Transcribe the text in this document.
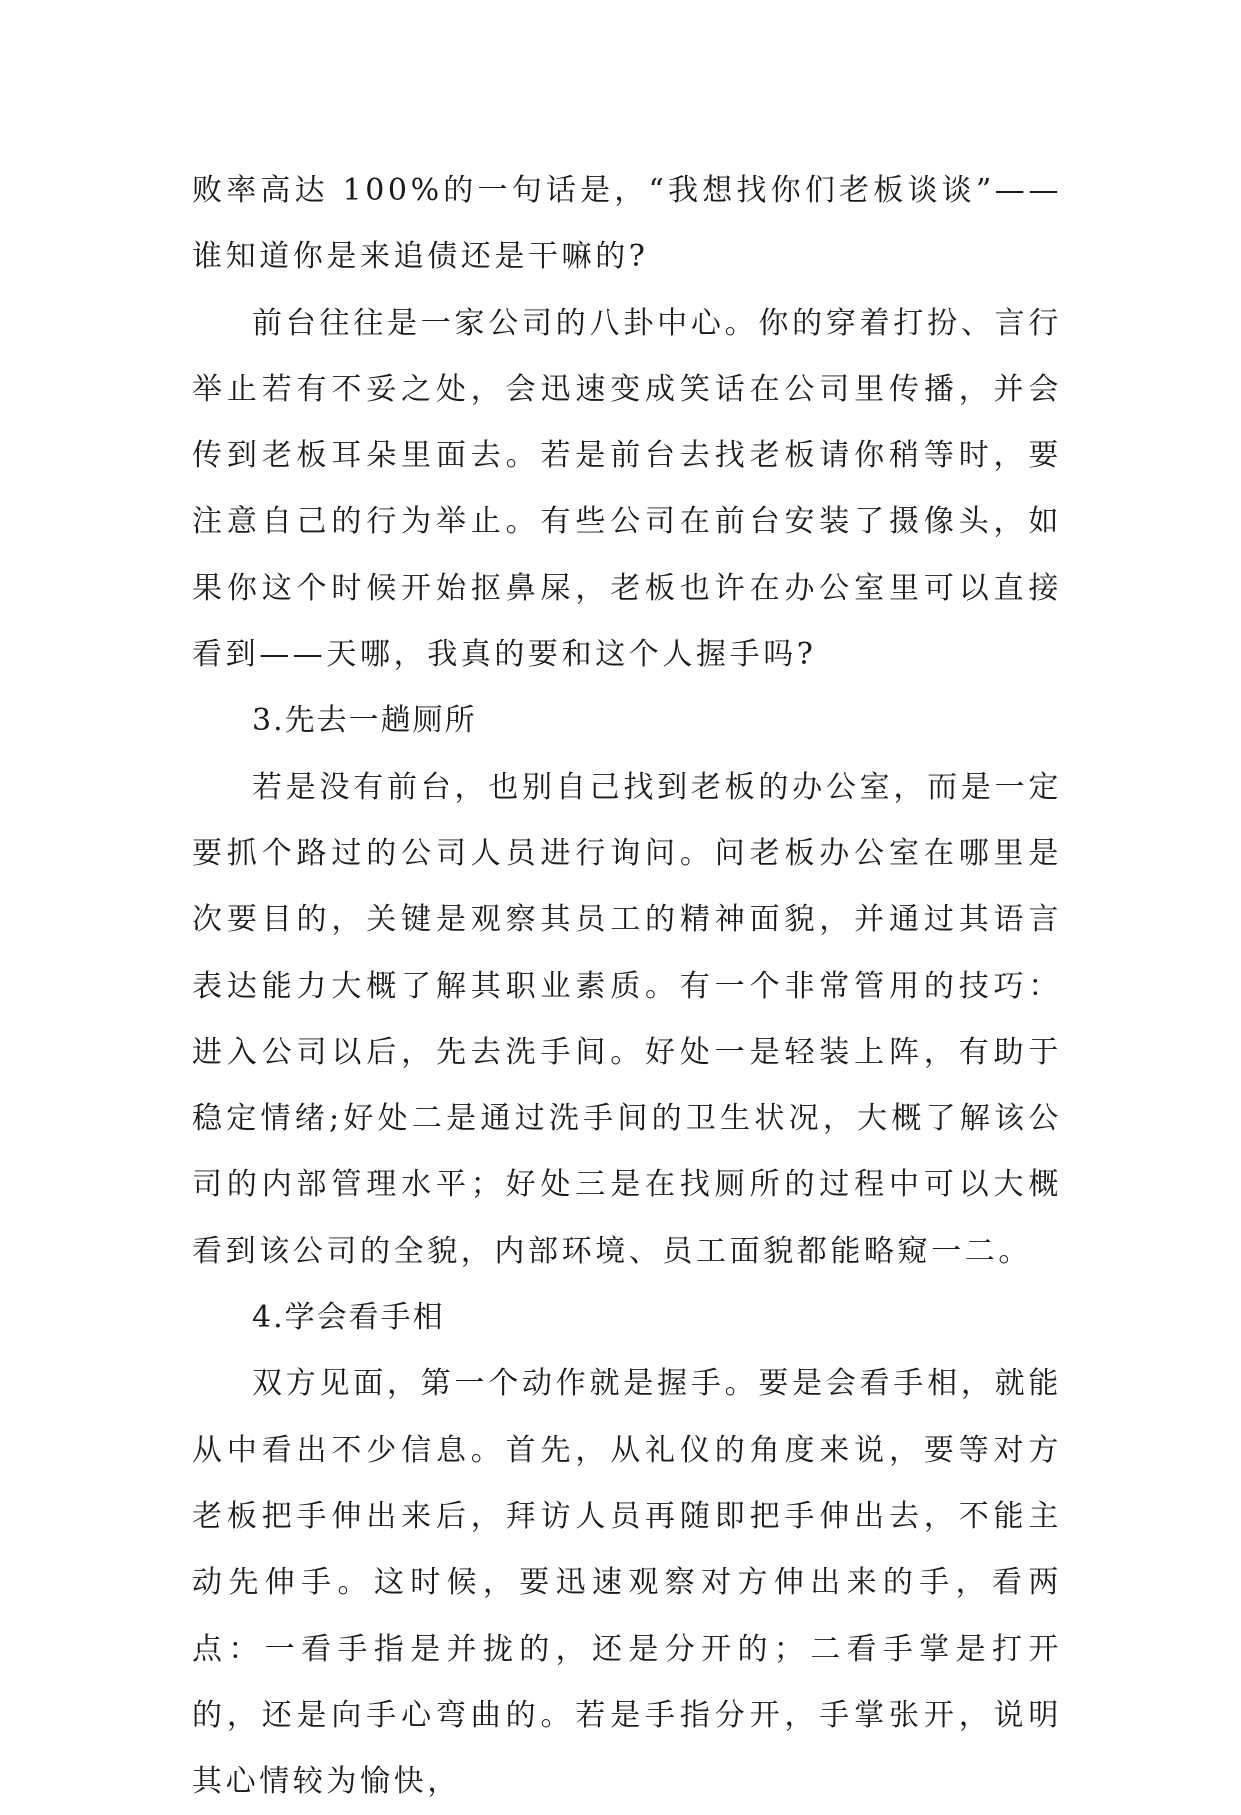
败率高达 100%的一句话是，“我想找你们老板谈谈”——谁知道你是来追债还是干嘛的?

前台往往是一家公司的八卦中心。你的穿着打扮、言行举止若有不妥之处，会迅速变成笑话在公司里传播，并会传到老板耳朵里面去。若是前台去找老板请你稍等时，要注意自己的行为举止。有些公司在前台安装了摄像头，如果你这个时候开始抠鼻屎，老板也许在办公室里可以直接看到——天哪，我真的要和这个人握手吗?

3.先去一趟厕所

若是没有前台，也别自己找到老板的办公室，而是一定要抓个路过的公司人员进行询问。问老板办公室在哪里是次要目的，关键是观察其员工的精神面貌，并通过其语言表达能力大概了解其职业素质。有一个非常管用的技巧：进入公司以后，先去洗手间。好处一是轻装上阵，有助于稳定情绪;好处二是通过洗手间的卫生状况，大概了解该公司的内部管理水平；好处三是在找厕所的过程中可以大概看到该公司的全貌，内部环境、员工面貌都能略窥一二。

4.学会看手相

双方见面，第一个动作就是握手。要是会看手相，就能从中看出不少信息。首先，从礼仪的角度来说，要等对方老板把手伸出来后，拜访人员再随即把手伸出去，不能主动先伸手。这时候，要迅速观察对方伸出来的手，看两点：一看手指是并拢的，还是分开的；二看手掌是打开的，还是向手心弯曲的。若是手指分开，手掌张开，说明其心情较为愉快，
